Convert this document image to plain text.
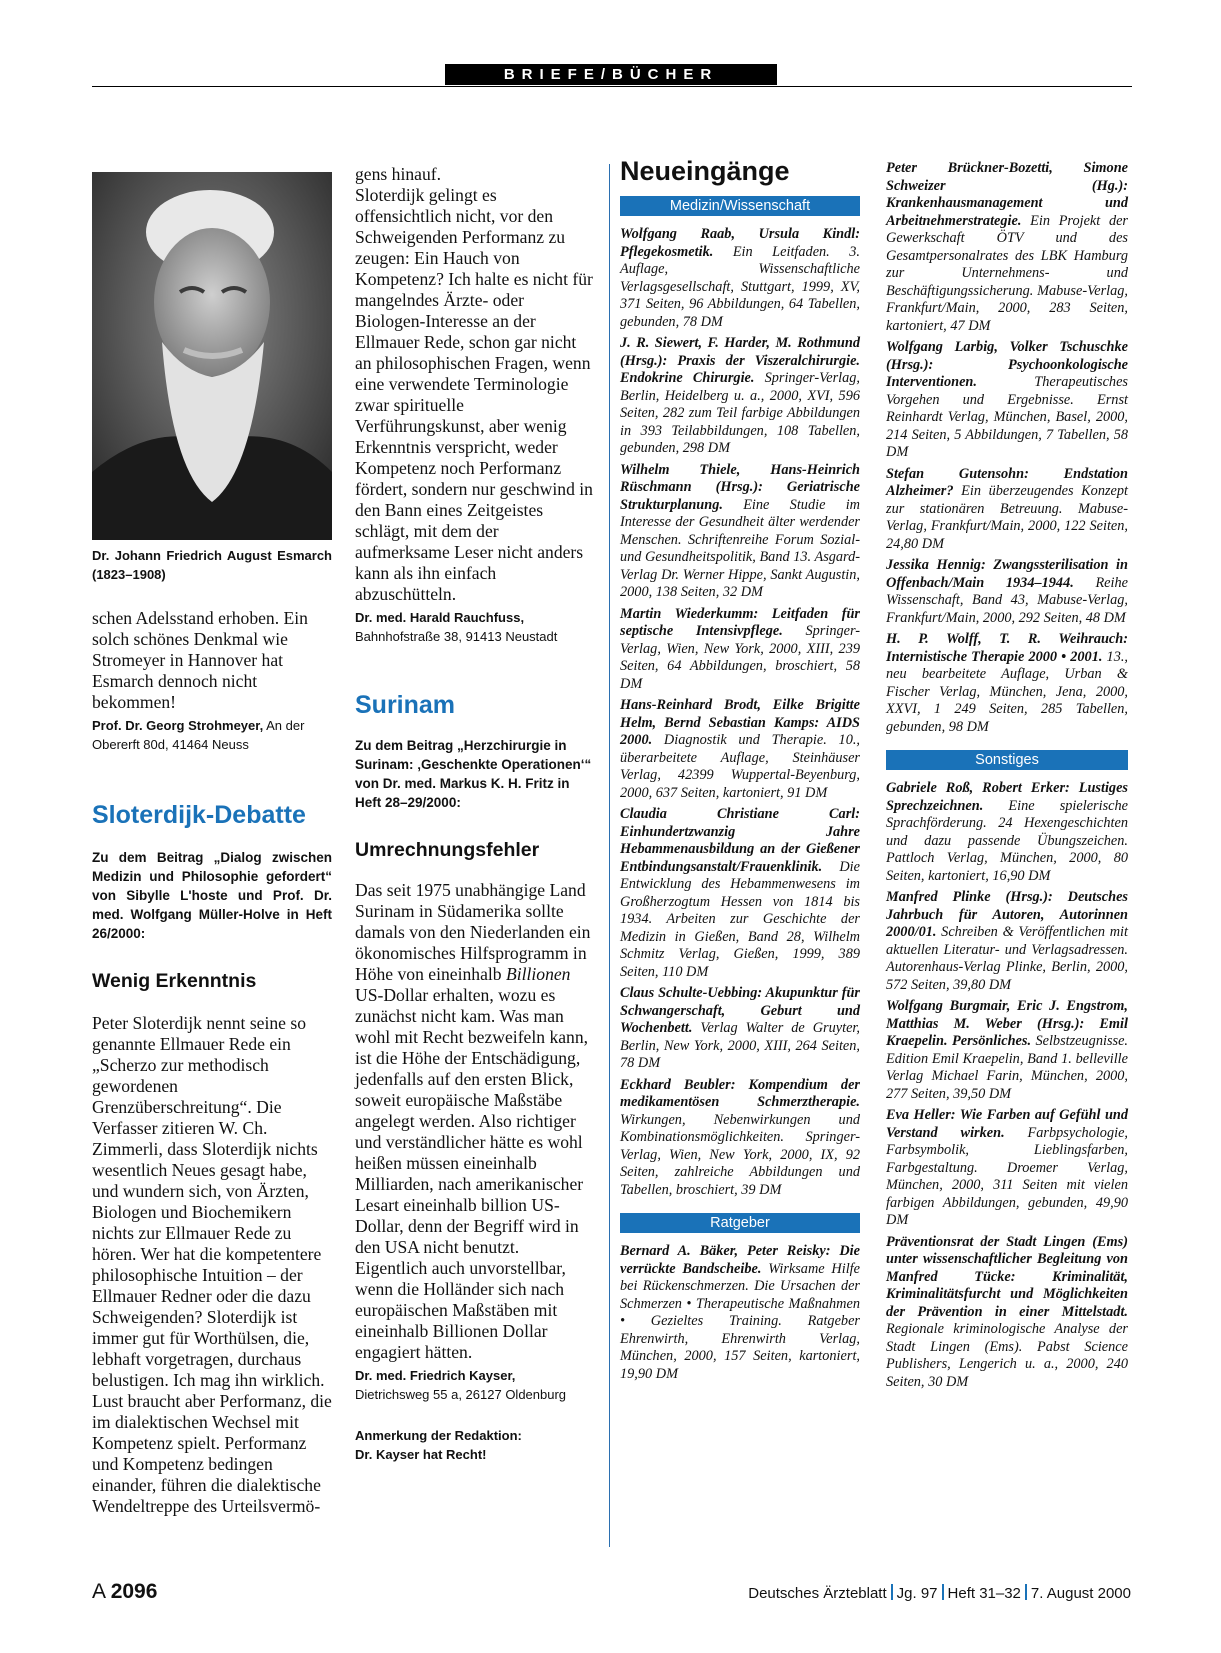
BRIEFE/BÜCHER
Dr. Johann Friedrich August Esmarch (1823–1908)

schen Adelsstand erhoben. Ein solch schönes Denkmal wie Stromeyer in Hannover hat Esmarch dennoch nicht bekommen!

Prof. Dr. Georg Strohmeyer, An der
Obererft 80d, 41464 Neuss
Sloterdijk-Debatte

Zu dem Beitrag „Dialog zwischen Medizin und Philosophie gefordert“ von Sibylle L'hoste und Prof. Dr. med. Wolfgang Müller-Holve in Heft 26/2000:

Wenig Erkenntnis

Peter Sloterdijk nennt seine so genannte Ellmauer Rede ein „Scherzo zur methodisch gewordenen Grenzüberschreitung“. Die Verfasser zitieren W. Ch. Zimmerli, dass Sloterdijk nichts wesentlich Neues gesagt habe, und wundern sich, von Ärzten, Biologen und Biochemikern nichts zur Ellmauer Rede zu hören. Wer hat die kompetentere philosophische Intuition – der Ellmauer Redner oder die dazu Schweigenden? Sloterdijk ist immer gut für Worthülsen, die, lebhaft vorgetragen, durchaus belustigen. Ich mag ihn wirklich. Lust braucht aber Performanz, die im dialektischen Wechsel mit Kompetenz spielt. Performanz und Kompetenz bedingen einander, führen die dialektische Wendeltreppe des Urteilsvermö-

gens hinauf.

Sloterdijk gelingt es offensichtlich nicht, vor den Schweigenden Performanz zu zeugen: Ein Hauch von Kompetenz? Ich halte es nicht für mangelndes Ärzte- oder Biologen-Interesse an der Ellmauer Rede, schon gar nicht an philosophischen Fragen, wenn eine verwendete Terminologie zwar spirituelle Verführungskunst, aber wenig Erkenntnis verspricht, weder Kompetenz noch Performanz fördert, sondern nur geschwind in den Bann eines Zeitgeistes schlägt, mit dem der aufmerksame Leser nicht anders kann als ihn einfach abzuschütteln.

Dr. med. Harald Rauchfuss,
Bahnhofstraße 38, 91413 Neustadt
Surinam

Zu dem Beitrag „Herzchirurgie in Surinam: ‚Geschenkte Operationen‘“ von Dr. med. Markus K. H. Fritz in Heft 28–29/2000:

Umrechnungsfehler

Das seit 1975 unabhängige Land Surinam in Südamerika sollte damals von den Niederlanden ein ökonomisches Hilfsprogramm in Höhe von eineinhalb Billionen US-Dollar erhalten, wozu es zunächst nicht kam. Was man wohl mit Recht bezweifeln kann, ist die Höhe der Entschädigung, jedenfalls auf den ersten Blick, soweit europäische Maßstäbe angelegt werden. Also richtiger und verständlicher hätte es wohl heißen müssen eineinhalb Milliarden, nach amerikanischer Lesart eineinhalb billion US-Dollar, denn der Begriff wird in den USA nicht benutzt. Eigentlich auch unvorstellbar, wenn die Holländer sich nach europäischen Maßstäben mit eineinhalb Billionen Dollar engagiert hätten.

Dr. med. Friedrich Kayser,
Dietrichsweg 55 a, 26127 Oldenburg
Anmerkung der Redaktion:
Dr. Kayser hat Recht!
Neueingänge
Medizin/Wissenschaft

Wolfgang Raab, Ursula Kindl: Pflegekosmetik. Ein Leitfaden. 3. Auflage, Wissenschaftliche Verlagsgesellschaft, Stuttgart, 1999, XV, 371 Seiten, 96 Abbildungen, 64 Tabellen, gebunden, 78 DM

J. R. Siewert, F. Harder, M. Rothmund (Hrsg.): Praxis der Viszeralchirurgie. Endokrine Chirurgie. Springer-Verlag, Berlin, Heidelberg u. a., 2000, XVI, 596 Seiten, 282 zum Teil farbige Abbildungen in 393 Teilabbildungen, 108 Tabellen, gebunden, 298 DM

Wilhelm Thiele, Hans-Heinrich Rüschmann (Hrsg.): Geriatrische Strukturplanung. Eine Studie im Interesse der Gesundheit älter werdender Menschen. Schriftenreihe Forum Sozial- und Gesundheitspolitik, Band 13. Asgard-Verlag Dr. Werner Hippe, Sankt Augustin, 2000, 138 Seiten, 32 DM

Martin Wiederkumm: Leitfaden für septische Intensivpflege. Springer-Verlag, Wien, New York, 2000, XIII, 239 Seiten, 64 Abbildungen, broschiert, 58 DM

Hans-Reinhard Brodt, Eilke Brigitte Helm, Bernd Sebastian Kamps: AIDS 2000. Diagnostik und Therapie. 10., überarbeitete Auflage, Steinhäuser Verlag, 42399 Wuppertal-Beyenburg, 2000, 637 Seiten, kartoniert, 91 DM

Claudia Christiane Carl: Einhundertzwanzig Jahre Hebammenausbildung an der Gießener Entbindungsanstalt/Frauenklinik. Die Entwicklung des Hebammenwesens im Großherzogtum Hessen von 1814 bis 1934. Arbeiten zur Geschichte der Medizin in Gießen, Band 28, Wilhelm Schmitz Verlag, Gießen, 1999, 389 Seiten, 110 DM

Claus Schulte-Uebbing: Akupunktur für Schwangerschaft, Geburt und Wochenbett. Verlag Walter de Gruyter, Berlin, New York, 2000, XIII, 264 Seiten, 78 DM

Eckhard Beubler: Kompendium der medikamentösen Schmerztherapie. Wirkungen, Nebenwirkungen und Kombinationsmöglichkeiten. Springer-Verlag, Wien, New York, 2000, IX, 92 Seiten, zahlreiche Abbildungen und Tabellen, broschiert, 39 DM

Ratgeber

Bernard A. Bäker, Peter Reisky: Die verrückte Bandscheibe. Wirksame Hilfe bei Rückenschmerzen. Die Ursachen der Schmerzen • Therapeutische Maßnahmen • Gezieltes Training. Ratgeber Ehrenwirth, Ehrenwirth Verlag, München, 2000, 157 Seiten, kartoniert, 19,90 DM

Peter Brückner-Bozetti, Simone Schweizer (Hg.): Krankenhausmanagement und Arbeitnehmerstrategie. Ein Projekt der Gewerkschaft ÖTV und des Gesamtpersonalrates des LBK Hamburg zur Unternehmens- und Beschäftigungssicherung. Mabuse-Verlag, Frankfurt/Main, 2000, 283 Seiten, kartoniert, 47 DM

Wolfgang Larbig, Volker Tschuschke (Hrsg.): Psychoonkologische Interventionen. Therapeutisches Vorgehen und Ergebnisse. Ernst Reinhardt Verlag, München, Basel, 2000, 214 Seiten, 5 Abbildungen, 7 Tabellen, 58 DM

Stefan Gutensohn: Endstation Alzheimer? Ein überzeugendes Konzept zur stationären Betreuung. Mabuse-Verlag, Frankfurt/Main, 2000, 122 Seiten, 24,80 DM

Jessika Hennig: Zwangssterilisation in Offenbach/Main 1934–1944. Reihe Wissenschaft, Band 43, Mabuse-Verlag, Frankfurt/Main, 2000, 292 Seiten, 48 DM

H. P. Wolff, T. R. Weihrauch: Internistische Therapie 2000 • 2001. 13., neu bearbeitete Auflage, Urban & Fischer Verlag, München, Jena, 2000, XXVI, 1 249 Seiten, 285 Tabellen, gebunden, 98 DM

Sonstiges

Gabriele Roß, Robert Erker: Lustiges Sprechzeichnen. Eine spielerische Sprachförderung. 24 Hexengeschichten und dazu passende Übungszeichen. Pattloch Verlag, München, 2000, 80 Seiten, kartoniert, 16,90 DM

Manfred Plinke (Hrsg.): Deutsches Jahrbuch für Autoren, Autorinnen 2000/01. Schreiben & Veröffentlichen mit aktuellen Literatur- und Verlagsadressen. Autorenhaus-Verlag Plinke, Berlin, 2000, 572 Seiten, 39,80 DM

Wolfgang Burgmair, Eric J. Engstrom, Matthias M. Weber (Hrsg.): Emil Kraepelin. Persönliches. Selbstzeugnisse. Edition Emil Kraepelin, Band 1. belleville Verlag Michael Farin, München, 2000, 277 Seiten, 39,50 DM

Eva Heller: Wie Farben auf Gefühl und Verstand wirken. Farbpsychologie, Farbsymbolik, Lieblingsfarben, Farbgestaltung. Droemer Verlag, München, 2000, 311 Seiten mit vielen farbigen Abbildungen, gebunden, 49,90 DM

Präventionsrat der Stadt Lingen (Ems) unter wissenschaftlicher Begleitung von Manfred Tücke: Kriminalität, Kriminalitätsfurcht und Möglichkeiten der Prävention in einer Mittelstadt. Regionale kriminologische Analyse der Stadt Lingen (Ems). Pabst Science Publishers, Lengerich u. a., 2000, 240 Seiten, 30 DM

A 2096	Deutsches Ärzteblatt Jg. 97 Heft 31–32 7. August 2000
